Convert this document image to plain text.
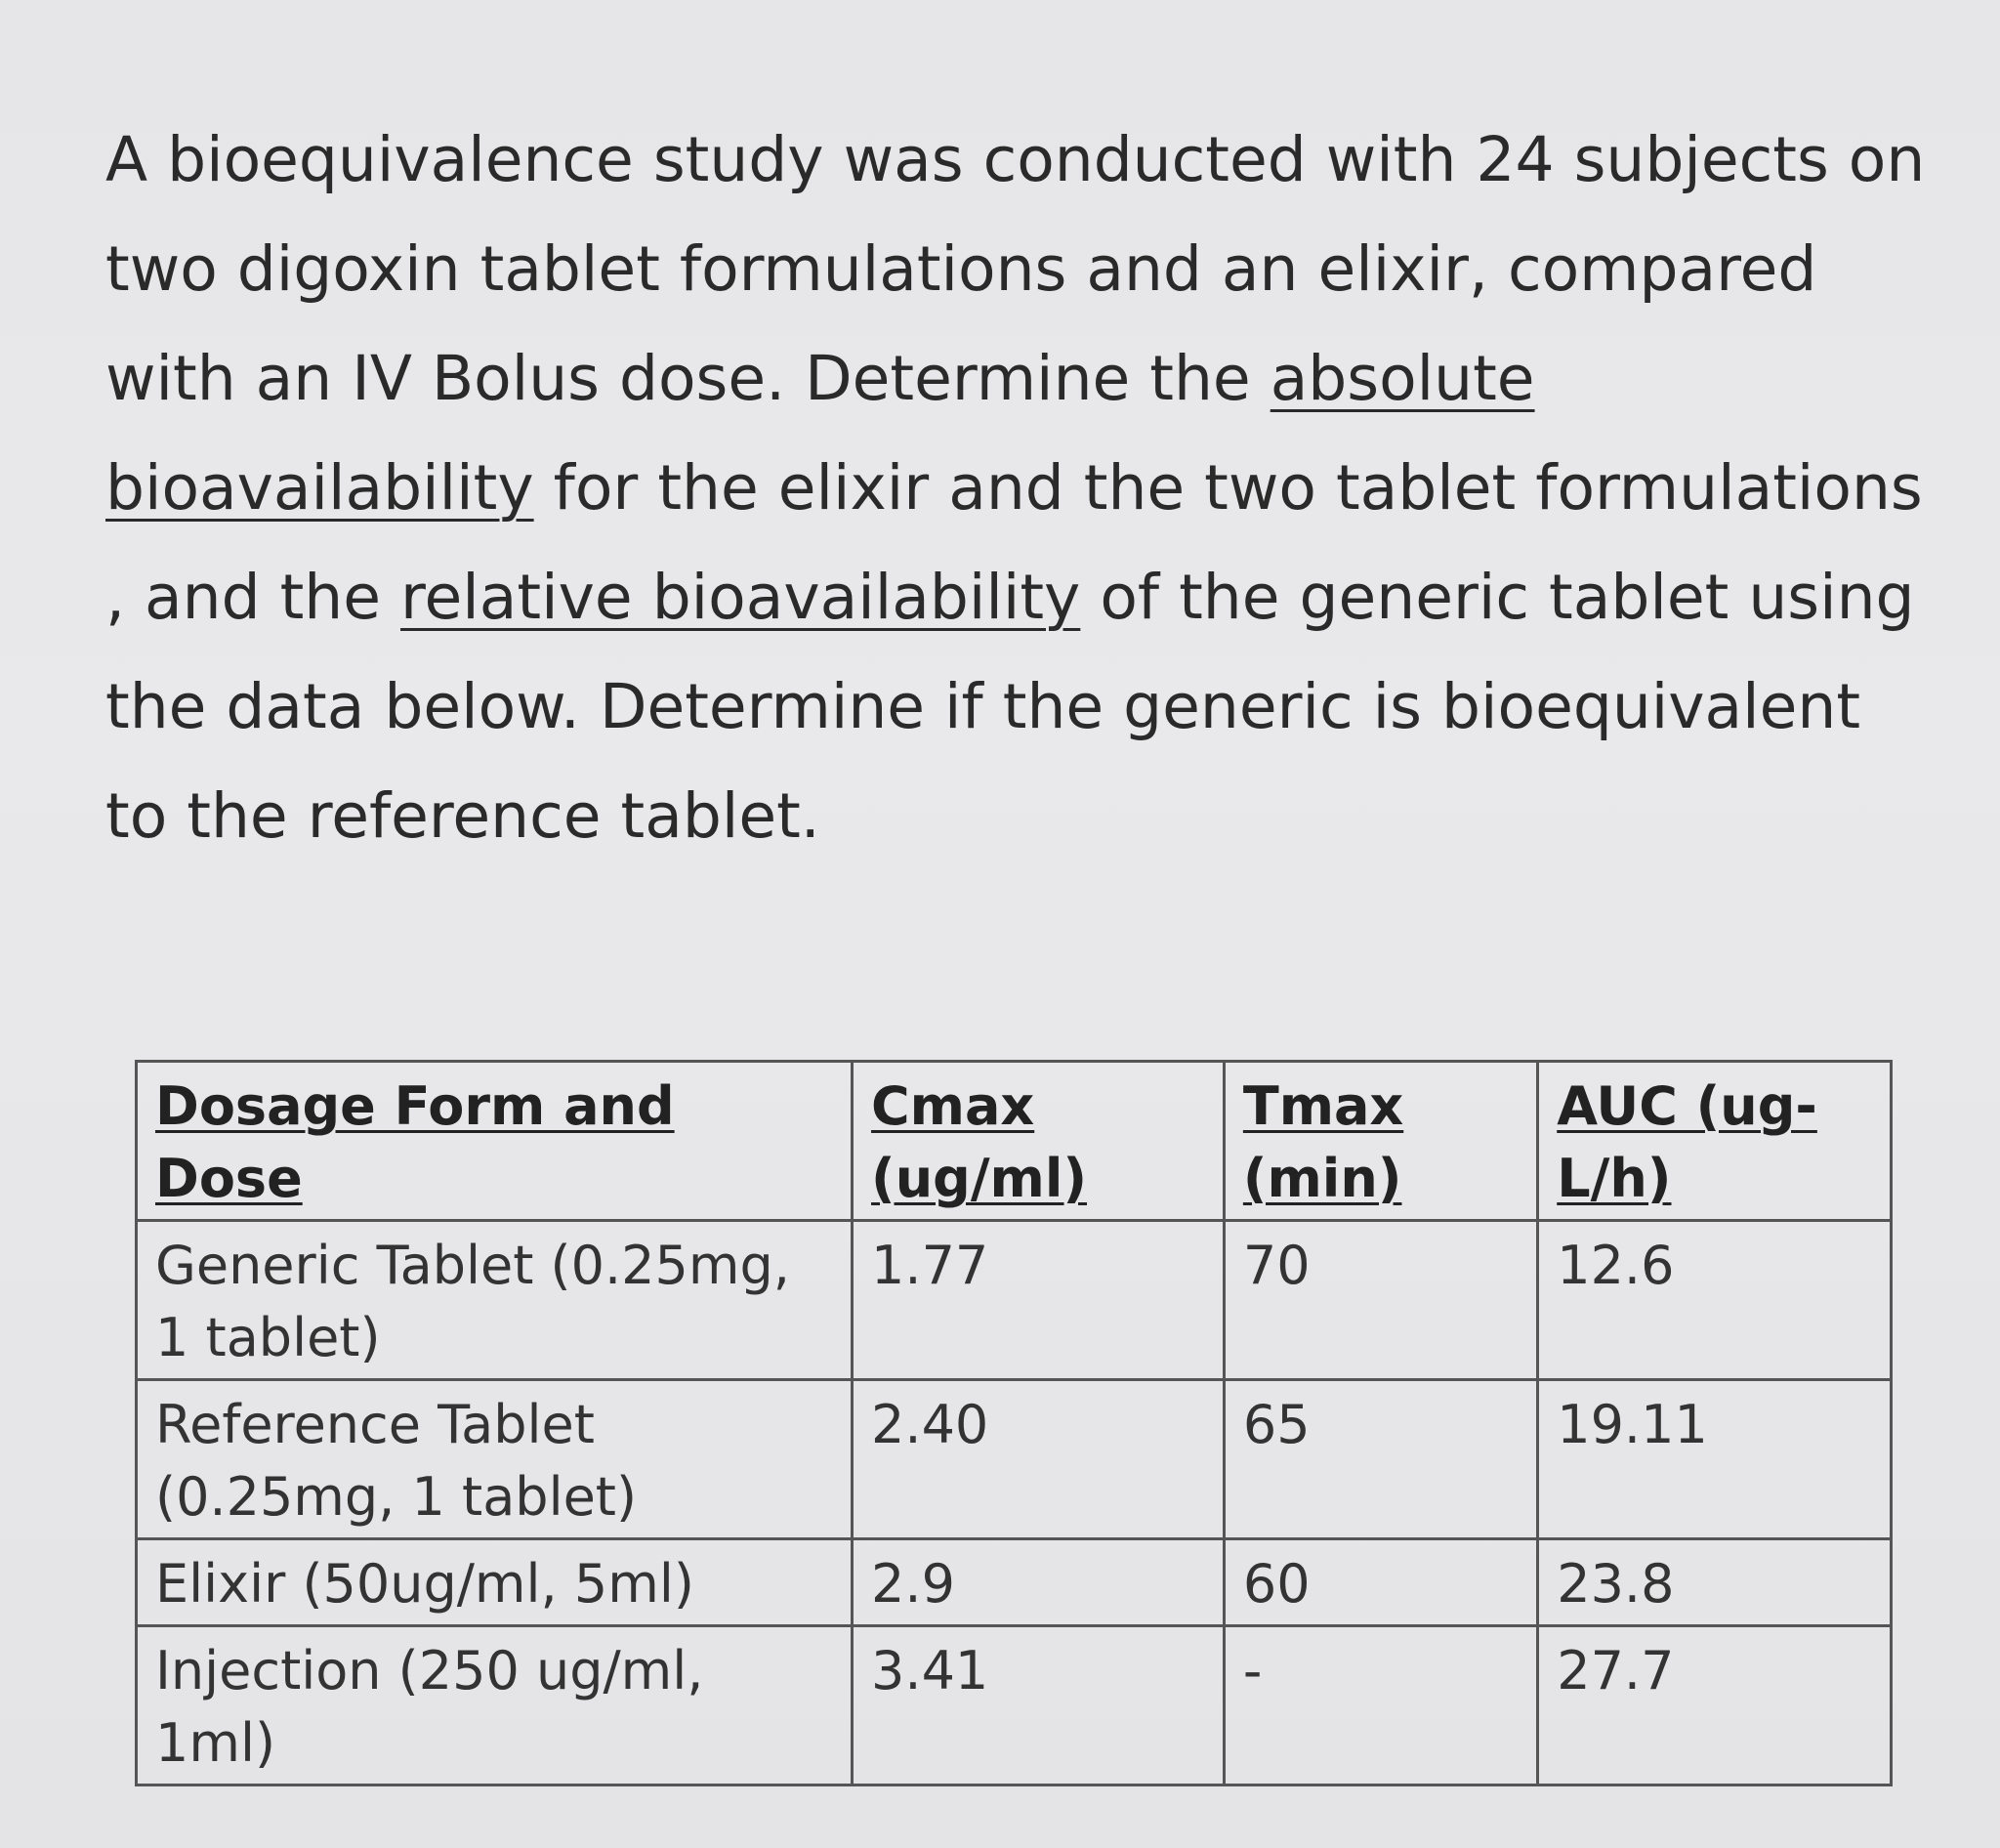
A bioequivalence study was conducted with 24 subjects on two digoxin tablet formulations and an elixir, compared with an IV Bolus dose. Determine the absolute bioavailability for the elixir and the two tablet formulations , and the relative bioavailability of the generic tablet using the data below. Determine if the generic is bioequivalent to the reference tablet.

Dosage Form and Dose	Cmax (ug/ml)	Tmax (min)	AUC (ug-L/h)
Generic Tablet (0.25mg, 1 tablet)	1.77	70	12.6
Reference Tablet (0.25mg, 1 tablet)	2.40	65	19.11
Elixir (50ug/ml, 5ml)	2.9	60	23.8
Injection (250 ug/ml, 1ml)	3.41	-	27.7
